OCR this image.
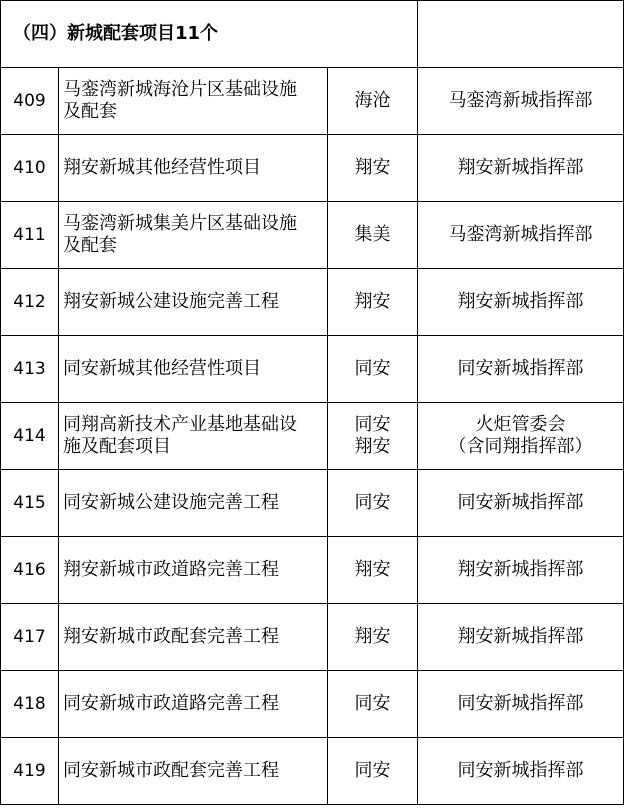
（四）新城配套项目11个			
409	马銮湾新城海沧片区基础设施
及配套	海沧	马銮湾新城指挥部

410	翔安新城其他经营性项目	翔安	翔安新城指挥部

411	马銮湾新城集美片区基础设施
及配套	集美	马銮湾新城指挥部

412	翔安新城公建设施完善工程	翔安	翔安新城指挥部

413	同安新城其他经营性项目	同安	同安新城指挥部

414	同翔高新技术产业基地基础设
施及配套项目	同安
翔安	火炬管委会
（含同翔指挥部）

415	同安新城公建设施完善工程	同安	同安新城指挥部

416	翔安新城市政道路完善工程	翔安	翔安新城指挥部

417	翔安新城市政配套完善工程	翔安	翔安新城指挥部

418	同安新城市政道路完善工程	同安	同安新城指挥部

419	同安新城市政配套完善工程	同安	同安新城指挥部
